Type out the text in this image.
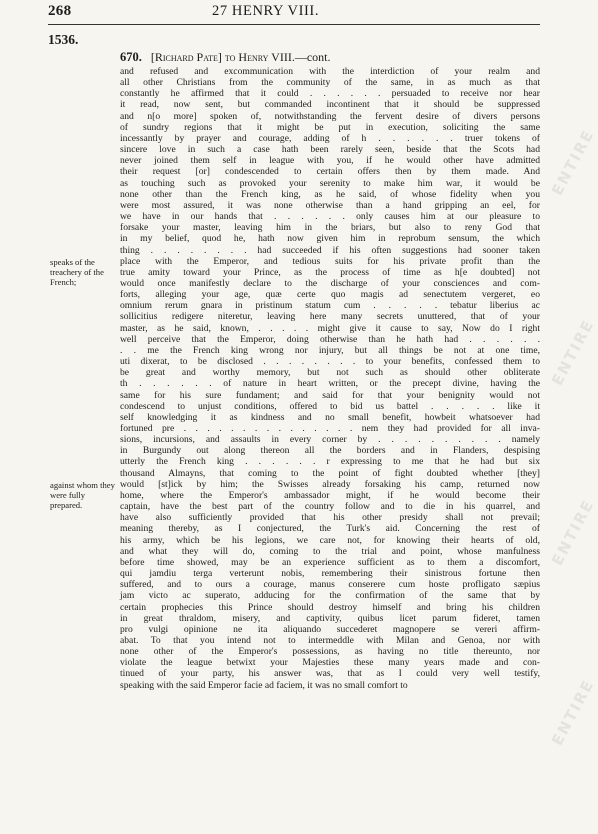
268	27 HENRY VIII.
1536.
670. [Richard Pate] to Henry VIII.—cont.
speaks of the treachery of the French;
against whom they were fully prepared.
and refused and excommunication with the interdiction of your realm and
all other Christians from the community of the same, in as much as that
constantly he affirmed that it could . . . . . . persuaded to receive nor hear
it read, now sent, but commanded incontinent that it should be suppressed
and n[o more] spoken of, notwithstanding the fervent desire of divers persons
of sundry regions that it might be put in execution, soliciting the same
incessantly by prayer and courage, adding of h . . . . . . truer tokens of
sincere love in such a case hath been rarely seen, beside that the Scots had
never joined them self in league with you, if he would other have admitted
their request [or] condescended to certain offers then by them made. And
as touching such as provoked your serenity to make him war, it would be
none other than the French king, as he said, of whose fidelity when you
were most assured, it was none otherwise than a hand gripping an eel, for
we have in our hands that . . . . . . only causes him at our pleasure to
forsake your master, leaving him in the briars, but also to reny God that
in my belief, quod he, hath now given him in reprobum sensum, the which
thing . . . . . . . . had succeeded if his often suggestions had sooner taken
place with the Emperor, and tedious suits for his private profit than the
true amity toward your Prince, as the process of time as h[e doubted] not
would once manifestly declare to the discharge of your consciences and com-
forts, alleging your age, quæ certe quo magis ad senectutem vergeret, eo
omnium rerum gnara in pristinum statum cum . . . . . tebatur liberius ac
sollicitius redigere niteretur, leaving here many secrets unuttered, that of your
master, as he said, known, . . . . . might give it cause to say, Now do I right
well perceive that the Emperor, doing otherwise than he hath had . . . . . .
. . me the French king wrong nor injury, but all things be not at one time,
uti dixerat, to be disclosed . . . . . . . . to your benefits, confessed them to
be great and worthy memory, but not such as should other obliterate
th . . . . . . of nature in heart written, or the precept divine, having the
same for his sure fundament; and said for that your benignity would not
condescend to unjust conditions, offered to bid us battel . . . . . like it
self knowledging it as kindness and no small benefit, howbeit whatsoever had
fortuned pre . . . . . . . . . . . . . . . nem they had provided for all inva-
sions, incursions, and assaults in every corner by . . . . . . . . . . namely
in Burgundy out along thereon all the borders and in Flanders, despising
utterly the French king . . . . . . r expressing to me that he had but six
thousand Almayns, that coming to the point of fight doubted whether [they]
would [st]ick by him; the Swisses already forsaking his camp, returned now
home, where the Emperor's ambassador might, if he would become their
captain, have the best part of the country follow and to die in his quarrel, and
have also sufficiently provided that his other presidy shall not prevail;
meaning thereby, as I conjectured, the Turk's aid. Concerning the rest of
his army, which be his legions, we care not, for knowing their hearts of old,
and what they will do, coming to the trial and point, whose manfulness
before time showed, may be an experience sufficient as to them a discomfort,
qui jamdiu terga verterunt nobis, remembering their sinistrous fortune then
suffered, and to ours a courage, manus conserere cum hoste profligato sæpius
jam victo ac superato, adducing for the confirmation of the same that by
certain prophecies this Prince should destroy himself and bring his children
in great thraldom, misery, and captivity, quibus licet parum fideret, tamen
pro vulgi opinione ne ita aliquando succederet magnopere se vereri affirm-
abat. To that you intend not to intermeddle with Milan and Genoa, nor with
none other of the Emperor's possessions, as having no title thereunto, nor
violate the league betwixt your Majesties these many years made and con-
tinued of your party, his answer was, that as I could very well testify,
speaking with the said Emperor facie ad faciem, it was no small comfort to
ENTIRE
ENTIRE
ENTIRE
ENTIRE
